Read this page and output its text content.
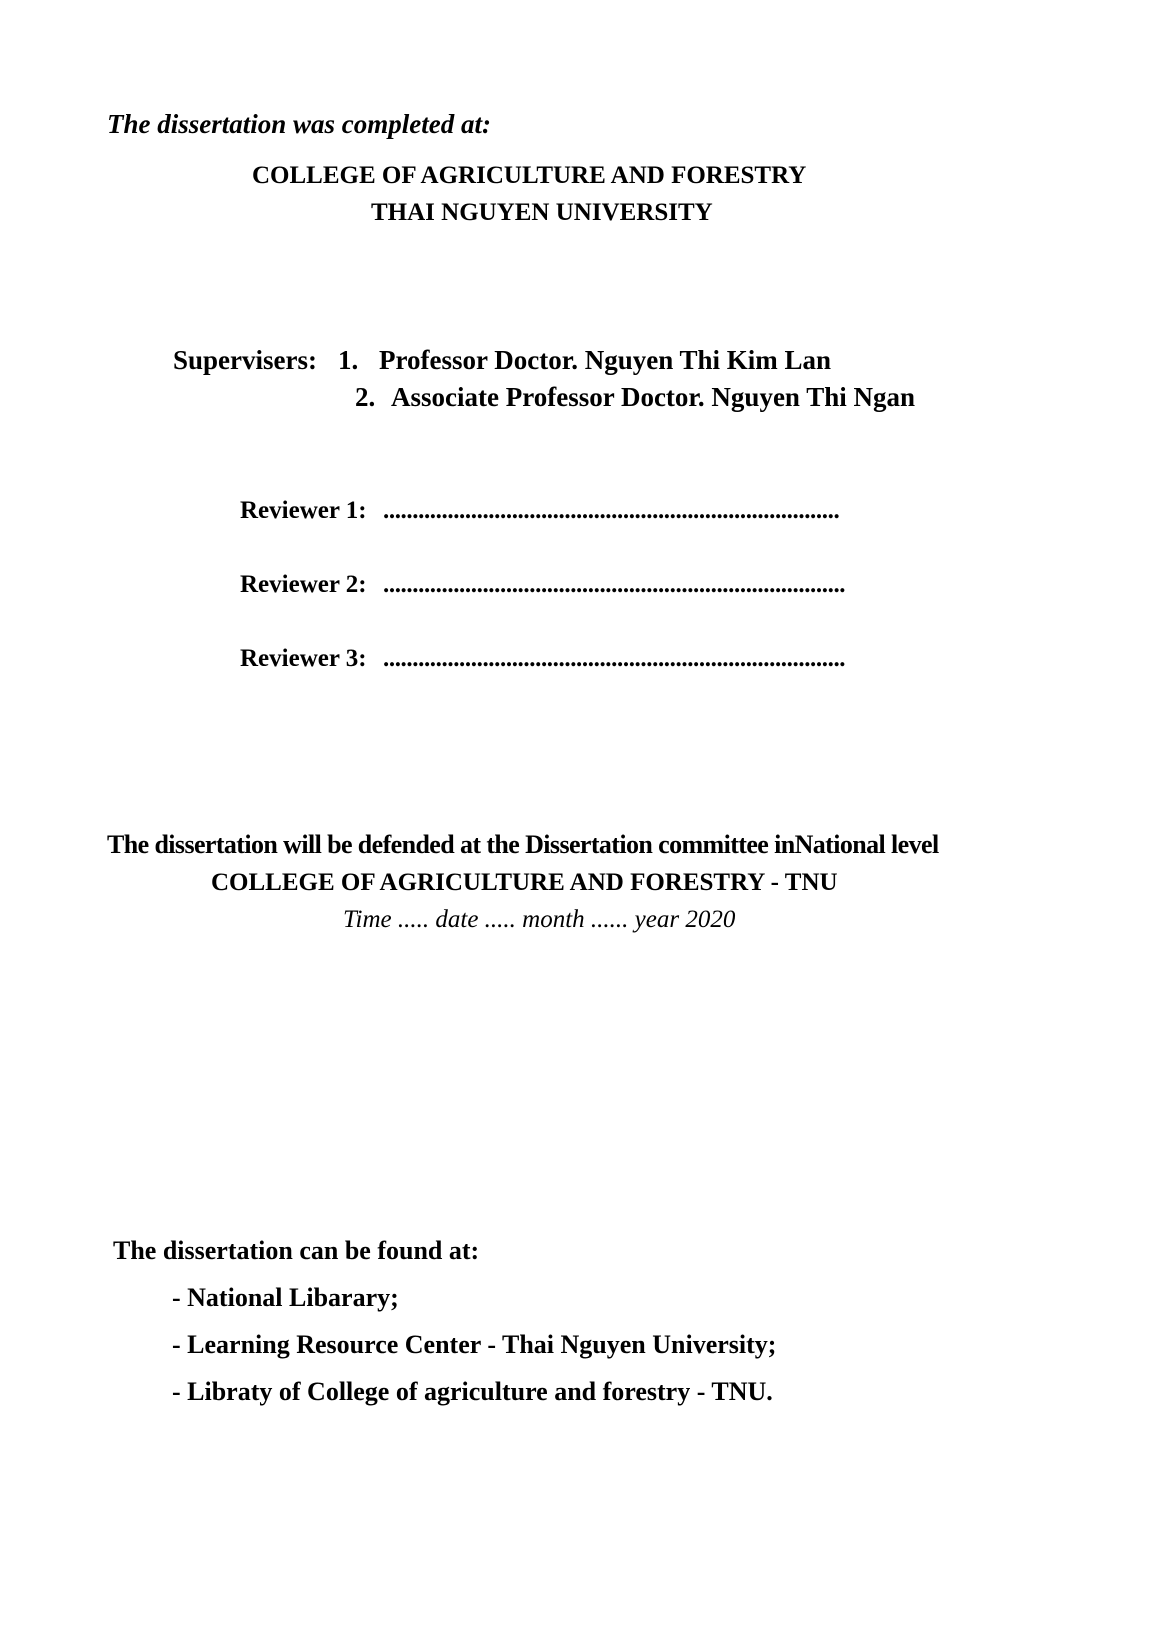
The dissertation was completed at:
COLLEGE OF AGRICULTURE AND FORESTRY
THAI NGUYEN UNIVERSITY
Supervisers: 1. Professor Doctor. Nguyen Thi Kim Lan
2. Associate Professor Doctor. Nguyen Thi Ngan
Reviewer 1: ..............................................................................
Reviewer 2: ...............................................................................
Reviewer 3: ...............................................................................
The dissertation will be defended at the Dissertation committee inNational level
COLLEGE OF AGRICULTURE AND FORESTRY - TNU
Time ..... date ..... month ...... year 2020
The dissertation can be found at:
- National Libarary;
- Learning Resource Center - Thai Nguyen University;
- Libraty of College of agriculture and forestry - TNU.
